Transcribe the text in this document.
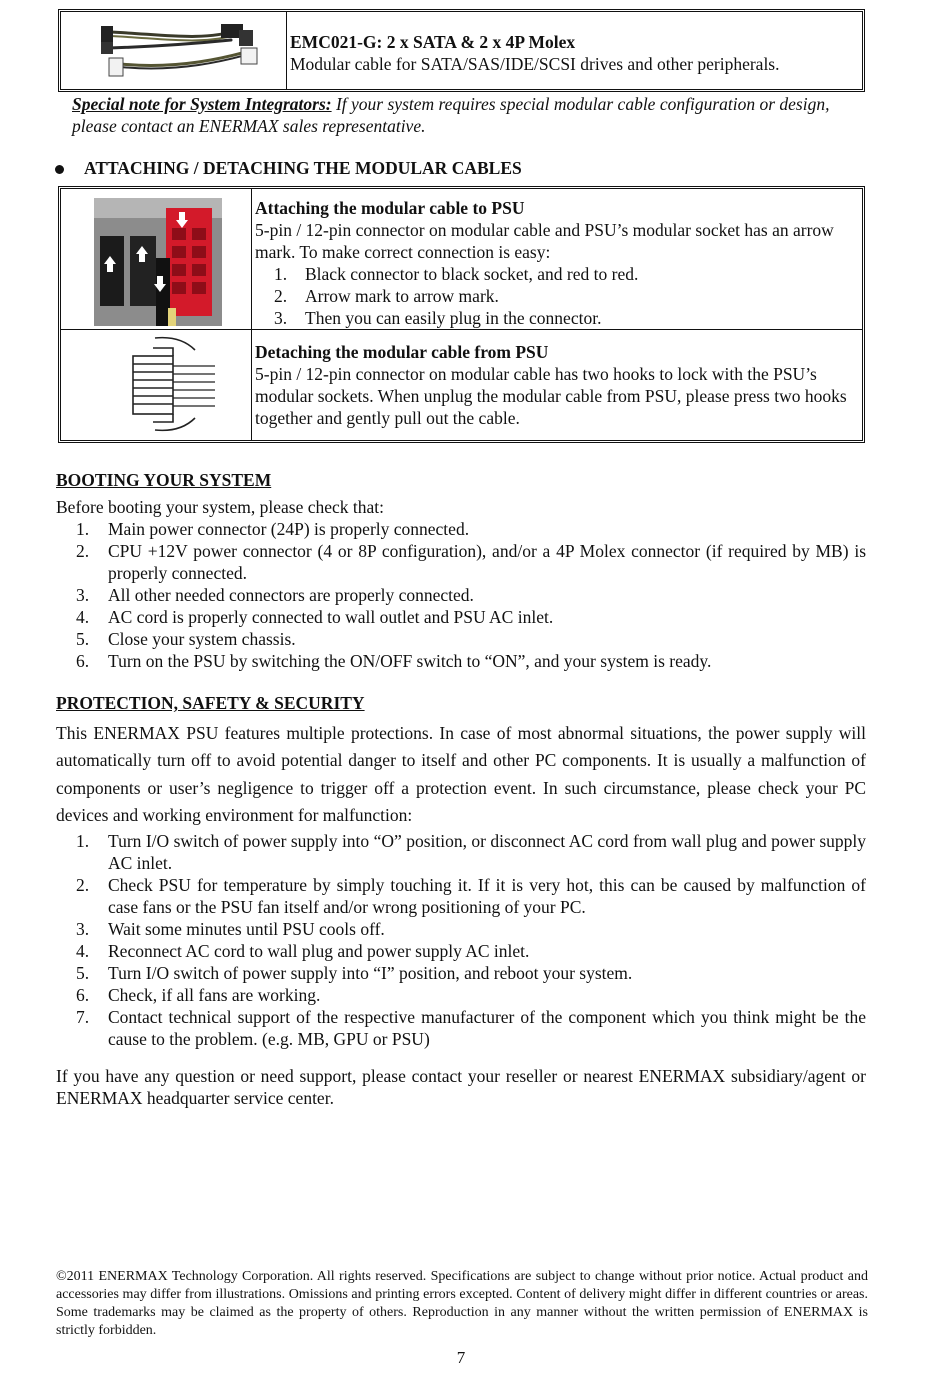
EMC021-G: 2 x SATA & 2 x 4P Molex
Modular cable for SATA/SAS/IDE/SCSI drives and other peripherals.
Special note for System Integrators: If your system requires special modular cable configuration or design, please contact an ENERMAX sales representative.
ATTACHING / DETACHING THE MODULAR CABLES
Attaching the modular cable to PSU
5-pin / 12-pin connector on modular cable and PSU’s modular socket has an arrow mark. To make correct connection is easy:
1. Black connector to black socket, and red to red.
2. Arrow mark to arrow mark.
3. Then you can easily plug in the connector.
Detaching the modular cable from PSU
5-pin / 12-pin connector on modular cable has two hooks to lock with the PSU’s modular sockets. When unplug the modular cable from PSU, please press two hooks together and gently pull out the cable.
BOOTING YOUR SYSTEM
Before booting your system, please check that:
1. Main power connector (24P) is properly connected.
2. CPU +12V power connector (4 or 8P configuration), and/or a 4P Molex connector (if required by MB) is properly connected.
3. All other needed connectors are properly connected.
4. AC cord is properly connected to wall outlet and PSU AC inlet.
5. Close your system chassis.
6. Turn on the PSU by switching the ON/OFF switch to “ON”, and your system is ready.
PROTECTION, SAFETY & SECURITY
This ENERMAX PSU features multiple protections. In case of most abnormal situations, the power supply will automatically turn off to avoid potential danger to itself and other PC components. It is usually a malfunction of components or user’s negligence to trigger off a protection event. In such circumstance, please check your PC devices and working environment for malfunction:
1. Turn I/O switch of power supply into “O” position, or disconnect AC cord from wall plug and power supply AC inlet.
2. Check PSU for temperature by simply touching it. If it is very hot, this can be caused by malfunction of case fans or the PSU fan itself and/or wrong positioning of your PC.
3. Wait some minutes until PSU cools off.
4. Reconnect AC cord to wall plug and power supply AC inlet.
5. Turn I/O switch of power supply into “I” position, and reboot your system.
6. Check, if all fans are working.
7. Contact technical support of the respective manufacturer of the component which you think might be the cause to the problem. (e.g. MB, GPU or PSU)
If you have any question or need support, please contact your reseller or nearest ENERMAX subsidiary/agent or ENERMAX headquarter service center.
©2011 ENERMAX Technology Corporation. All rights reserved. Specifications are subject to change without prior notice. Actual product and accessories may differ from illustrations. Omissions and printing errors excepted. Content of delivery might differ in different countries or areas. Some trademarks may be claimed as the property of others. Reproduction in any manner without the written permission of ENERMAX is strictly forbidden.
7
